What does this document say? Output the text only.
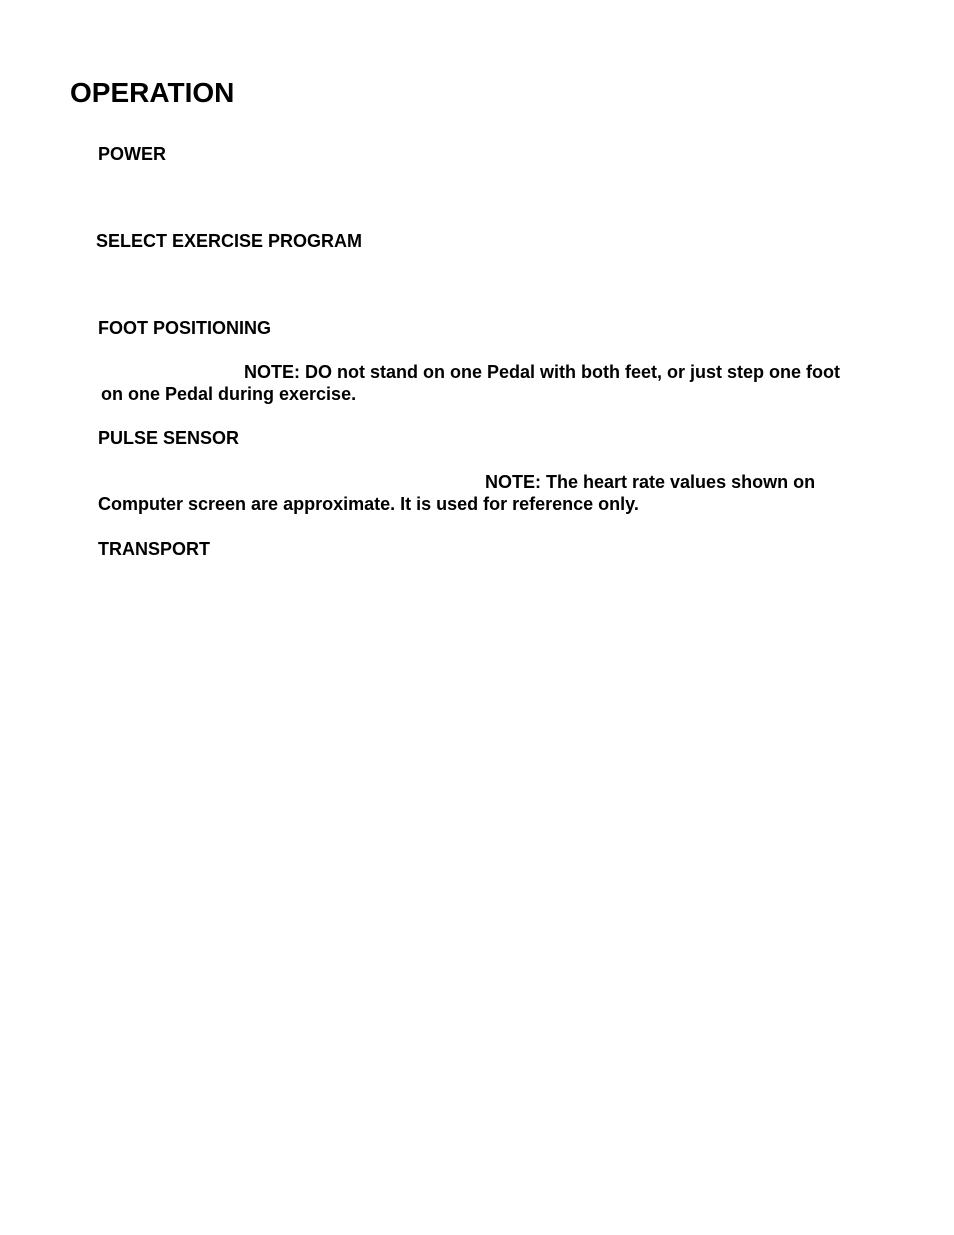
OPERATION
POWER
SELECT EXERCISE PROGRAM
FOOT POSITIONING

NOTE: DO not stand on one Pedal with both feet, or just step one foot

on one Pedal during exercise.

PULSE SENSOR

NOTE: The heart rate values shown on

Computer screen are approximate. It is used for reference only.

TRANSPORT
